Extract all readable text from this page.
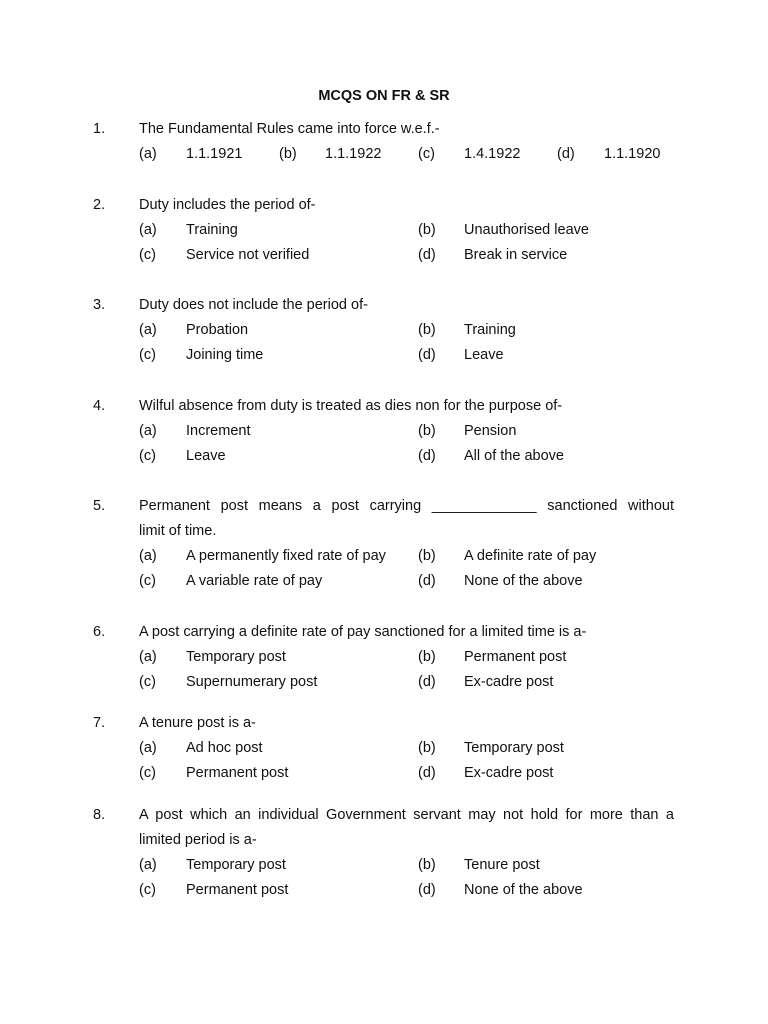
MCQS ON FR & SR
1. The Fundamental Rules came into force w.e.f.-
(a) 1.1.1921	(b) 1.1.1922	(c) 1.4.1922	(d) 1.1.1920
2. Duty includes the period of-
(a) Training	(b) Unauthorised leave
(c) Service not verified	(d) Break in service
3. Duty does not include the period of-
(a) Probation	(b) Training
(c) Joining time	(d) Leave
4. Wilful absence from duty is treated as dies non for the purpose of-
(a) Increment	(b) Pension
(c) Leave	(d) All of the above
5. Permanent post means a post carrying _____________ sanctioned without
limit of time.
(a) A permanently fixed rate of pay (b) A definite rate of pay
(c) A variable rate of pay	(d) None of the above
6. A post carrying a definite rate of pay sanctioned for a limited time is a-
(a) Temporary post	(b) Permanent post
(c) Supernumerary post	(d) Ex-cadre post
7. A tenure post is a-
(a) Ad hoc post	(b) Temporary post
(c) Permanent post	(d) Ex-cadre post
8. A post which an individual Government servant may not hold for more than a
limited period is a-
(a) Temporary post	(b) Tenure post
(c) Permanent post	(d) None of the above
